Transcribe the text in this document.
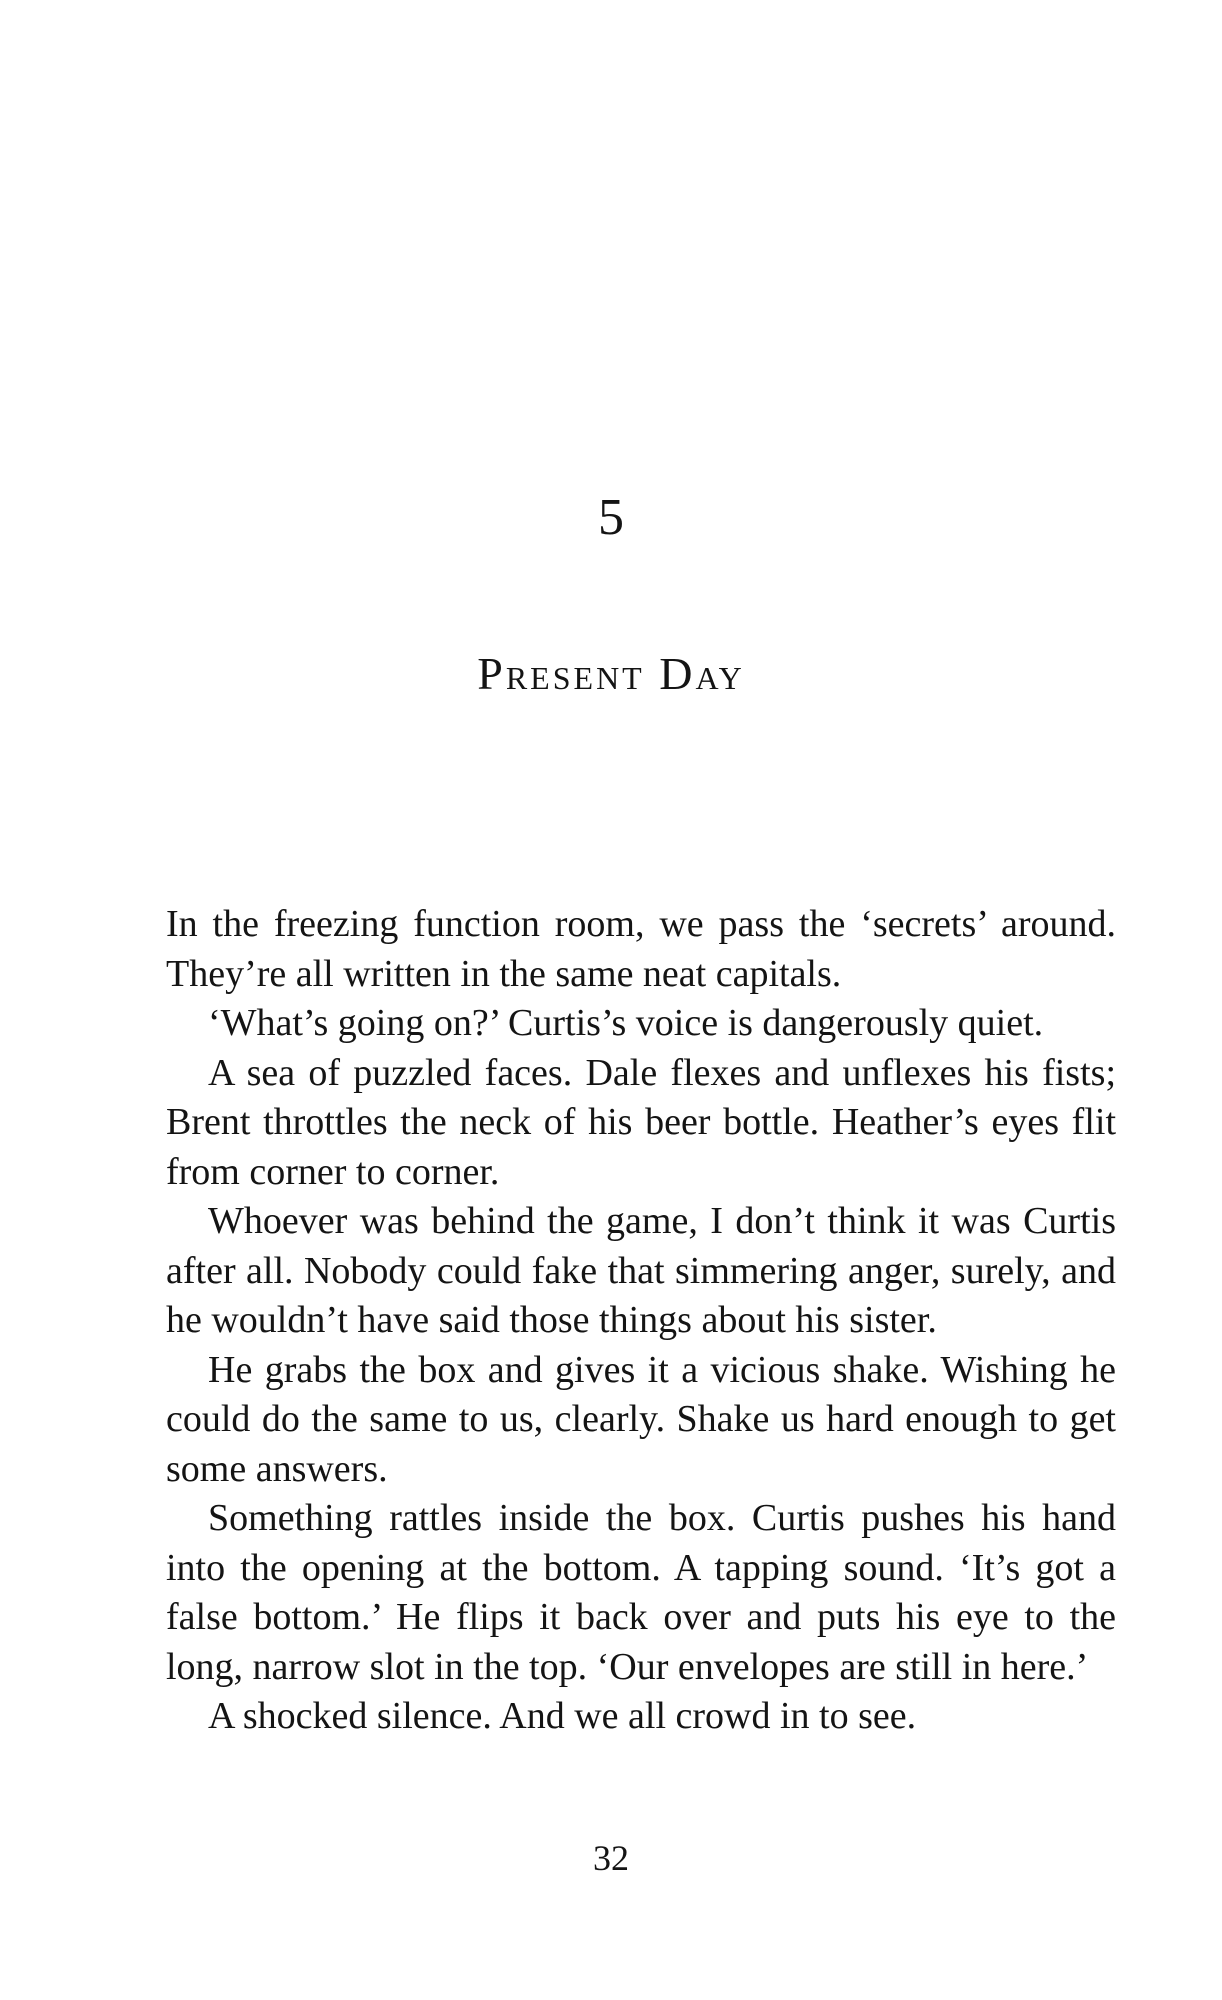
5
Present Day

In the freezing function room, we pass the ‘secrets’ around. They’re all written in the same neat capitals.

‘What’s going on?’ Curtis’s voice is dangerously quiet.

A sea of puzzled faces. Dale flexes and unflexes his fists; Brent throttles the neck of his beer bottle. Heather’s eyes flit from corner to corner.

Whoever was behind the game, I don’t think it was Curtis after all. Nobody could fake that simmering anger, surely, and he wouldn’t have said those things about his sister.

He grabs the box and gives it a vicious shake. Wishing he could do the same to us, clearly. Shake us hard enough to get some answers.

Something rattles inside the box. Curtis pushes his hand into the opening at the bottom. A tapping sound. ‘It’s got a false bottom.’ He flips it back over and puts his eye to the long, narrow slot in the top. ‘Our envelopes are still in here.’

A shocked silence. And we all crowd in to see.

32
